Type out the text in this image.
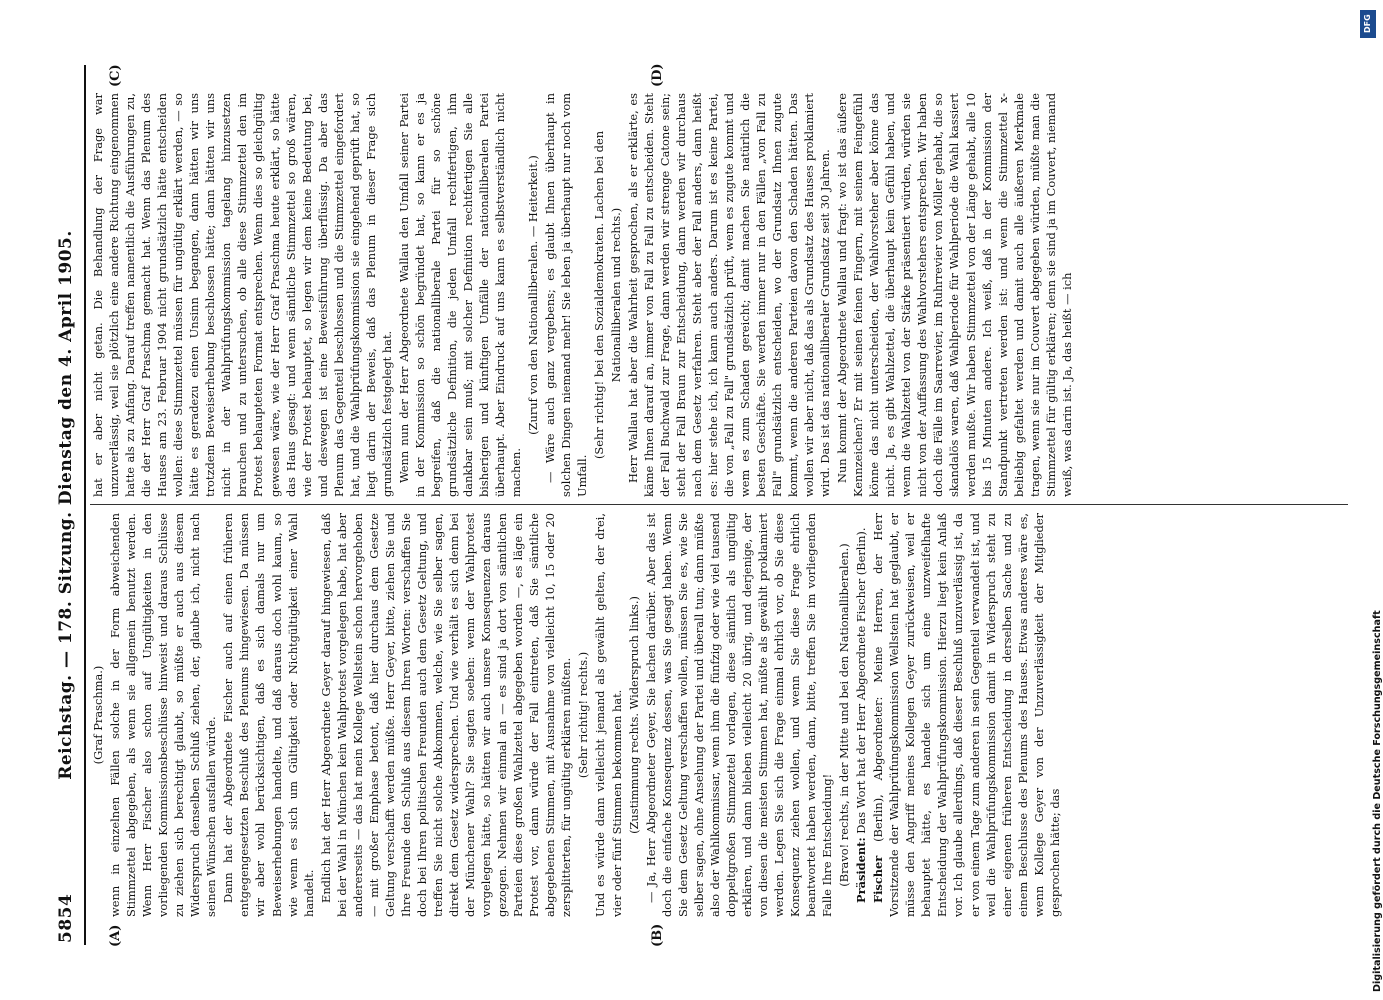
5854
Reichstag. — 178. Sitzung. Dienstag den 4. April 1905.
(A)	(B)
(C)	(D)

(Graf Praschma.) wenn in einzelnen Fällen solche in der Form abweichenden Stimmzettel abgegeben, als wenn sie allgemein benutzt werden. Wenn Herr Fischer also schon auf Ungültigkeiten in den vorliegenden Kommissionsbeschlüsse hinweist und daraus Schlüsse zu ziehen sich berechtigt glaubt, so müßte er auch aus diesem Widerspruch denselben Schluß ziehen, der, glaube ich, nicht nach seinen Wünschen ausfallen würde. Dann hat der Abgeordnete Fischer auch auf einen früheren entgegengesetzten Beschluß des Plenums hingewiesen. Da müssen wir aber wohl berücksichtigen, daß es sich damals nur um Beweiserhebungen handelte, und daß daraus doch wohl kaum, so wie wenn es sich um Gültigkeit oder Nichtgültigkeit einer Wahl handelt. Endlich hat der Herr Abgeordnete Geyer darauf hingewiesen, daß bei der Wahl in München kein Wahlprotest vorgelegen habe, hat aber andererseits — das hat mein Kollege Wellstein schon hervorgehoben — mit großer Emphase betont, daß hier durchaus dem Gesetze Geltung verschafft werden müßte. Herr Geyer, bitte, ziehen Sie und Ihre Freunde den Schluß aus diesem Ihren Worten: verschaffen Sie doch bei Ihren politischen Freunden auch dem Gesetz Geltung, und treffen Sie nicht solche Abkommen, welche, wie Sie selber sagen, direkt dem Gesetz widersprechen. Und wie verhält es sich denn bei der Münchener Wahl? Sie sagten soeben: wenn der Wahlprotest vorgelegen hätte, so hätten wir auch unsere Konsequenzen daraus gezogen. Nehmen wir einmal an — es sind ja dort von sämtlichen Parteien diese großen Wahlzettel abgegeben worden —, es läge ein Protest vor, dann würde der Fall eintreten, daß Sie sämtliche abgegebenen Stimmen, mit Ausnahme von vielleicht 10, 15 oder 20 zersplitterten, für ungültig erklären müßten. (Sehr richtig! rechts.) Und es würde dann vielleicht jemand als gewählt gelten, der drei, vier oder fünf Stimmen bekommen hat. (Zustimmung rechts. Widerspruch links.) — Ja, Herr Abgeordneter Geyer, Sie lachen darüber. Aber das ist doch die einfache Konsequenz dessen, was Sie gesagt haben. Wenn Sie dem Gesetz Geltung verschaffen wollen, müssen Sie es, wie Sie selber sagen, ohne Ansehung der Partei und überall tun; dann müßte also der Wahlkommissar, wenn ihm die fünfzig oder wie viel tausend doppeltgroßen Stimmzettel vorlagen, diese sämtlich als ungültig erklären, und dann blieben vielleicht 20 übrig, und derjenige, der von diesen die meisten Stimmen hat, müßte als gewählt proklamiert werden. Legen Sie sich die Frage einmal ehrlich vor, ob Sie diese Konsequenz ziehen wollen, und wenn Sie diese Frage ehrlich beantwortet haben werden, dann, bitte, treffen Sie im vorliegenden Falle Ihre Entscheidung! (Bravo! rechts, in der Mitte und bei den Nationalliberalen.) Präsident: Das Wort hat der Herr Abgeordnete Fischer (Berlin).

Fischer (Berlin), Abgeordneter: Meine Herren, der Herr Vorsitzende der Wahlprüfungskommission Wellstein hat geglaubt, er müsse den Angriff meines Kollegen Geyer zurückweisen, weil er behauptet hätte, es handele sich um eine unzweifelhafte Entscheidung der Wahlprüfungskommission. Hierzu liegt kein Anlaß vor. Ich glaube allerdings, daß dieser Beschluß unzuverlässig ist, da er von einem Tage zum anderen in sein Gegenteil verwandelt ist, und weil die Wahlprüfungskommission damit in Widerspruch steht zu einer eigenen früheren Entscheidung in derselben Sache und zu einem Beschlusse des Plenums des Hauses. Etwas anderes wäre es, wenn Kollege Geyer von der Unzuverlässigkeit der Mitglieder gesprochen hätte; das

hat er aber nicht getan. Die Behandlung der Frage war unzuverlässig, weil sie plötzlich eine andere Richtung eingenommen hatte als zu Anfang. Darauf treffen namentlich die Ausführungen zu, die der Herr Graf Praschma gemacht hat. Wenn das Plenum des Hauses am 23. Februar 1904 nicht grundsätzlich hätte entscheiden wollen: diese Stimmzettel müssen für ungültig erklärt werden, — so hätte es geradezu einen Unsinn begangen, dann hätten wir uns trotzdem Beweiserhebung beschlossen hätte; dann hätten wir uns nicht in der Wahlprüfungskommission tagelang hinzusetzen brauchen und zu untersuchen, ob alle diese Stimmzettel den im Protest behaupteten Format entsprechen. Wenn dies so gleichgültig gewesen wäre, wie der Herr Graf Praschma heute erklärt, so hätte das Haus gesagt: und wenn sämtliche Stimmzettel so groß wären, wie der Protest behauptet, so legen wir dem keine Bedeutung bei, und deswegen ist eine Beweisführung überflüssig. Da aber das Plenum das Gegenteil beschlossen und die Stimmzettel eingefordert hat, und die Wahlprüfungskommission sie eingehend geprüft hat, so liegt darin der Beweis, daß das Plenum in dieser Frage sich grundsätzlich festgelegt hat. Wenn nun der Herr Abgeordnete Wallau den Umfall seiner Partei in der Kommission so schön begründet hat, so kann er es ja begreifen, daß die nationalliberale Partei für so schöne grundsätzliche Definition, die jeden Umfall rechtfertigen, ihm dankbar sein muß; mit solcher Definition rechtfertigen Sie alle bisherigen und künftigen Umfälle der nationalliberalen Partei überhaupt. Aber Eindruck auf uns kann es selbstverständlich nicht machen.

(Zuruf von den Nationalliberalen. — Heiterkeit.) — Wäre auch ganz vergebens; es glaubt Ihnen überhaupt in solchen Dingen niemand mehr! Sie leben ja überhaupt nur noch vom Umfall.

(Sehr richtig! bei den Sozialdemokraten. Lachen bei den Nationalliberalen und rechts.) Herr Wallau hat aber die Wahrheit gesprochen, als er erklärte, es käme Ihnen darauf an, immer von Fall zu Fall zu entscheiden. Steht der Fall Buchwald zur Frage, dann werden wir strenge Catone sein; steht der Fall Braun zur Entscheidung, dann werden wir durchaus nach dem Gesetz verfahren. Steht aber der Fall anders, dann heißt es: hier stehe ich, ich kann auch anders. Darum ist es keine Partei, die von „Fall zu Fall" grundsätzlich prüft, wem es zugute kommt und wem es zum Schaden gereicht; damit machen Sie natürlich die besten Geschäfte. Sie werden immer nur in den Fällen „von Fall zu Fall" grundsätzlich entscheiden, wo der Grundsatz Ihnen zugute kommt, wenn die anderen Parteien davon den Schaden hätten. Das wollen wir aber nicht, daß das als Grundsatz des Hauses proklamiert wird. Das ist das nationalliberaler Grundsatz seit 30 Jahren. Nun kommt der Abgeordnete Wallau und fragt: wo ist das äußere Kennzeichen? Er mit seinen feinen Fingern, mit seinem Feingefühl könne das nicht unterscheiden, der Wahlvorsteher aber könne das nicht. Ja, es gibt Wahlzettel, die überhaupt kein Gefühl haben, und wenn die Wahlzettel von der Stärke präsentiert würden, würden sie nicht von der Auffassung des Wahlvorstehers entsprechen. Wir haben doch die Fälle im Saarrevier, im Ruhrrevier von Möller gehabt, die so skandalös waren, daß Wahlperiode für Wahlperiode die Wahl kassiert werden mußte. Wir haben Stimmzettel von der Länge gehabt, alle 10 bis 15 Minuten andere. Ich weiß, daß in der Kommission der Standpunkt vertreten werden ist: und wenn die Stimmzettel x-beliebig gefaltet werden und damit auch alle äußeren Merkmale tragen, wenn sie nur im Couvert abgegeben würden, müßte man die Stimmzettel für gültig erklären; denn sie sind ja im Couvert, niemand weiß, was darin ist. Ja, das heißt — ich

DFG
Digitalisierung gefördert durch die Deutsche Forschungsgemeinschaft
